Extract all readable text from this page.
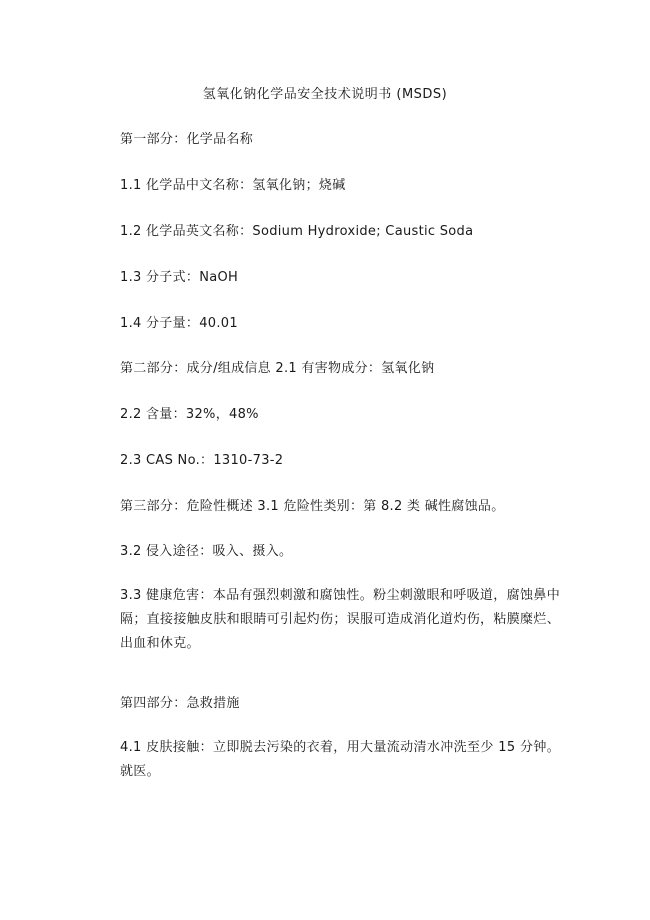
氢氧化钠化学品安全技术说明书 (MSDS)
第一部分：化学品名称
1.1 化学品中文名称：氢氧化钠；烧碱
1.2 化学品英文名称：Sodium Hydroxide; Caustic Soda
1.3 分子式：NaOH
1.4 分子量：40.01
第二部分：成分/组成信息 2.1 有害物成分：氢氧化钠
2.2 含量：32%，48%
2.3 CAS No.：1310-73-2
第三部分：危险性概述 3.1 危险性类别：第 8.2 类 碱性腐蚀品。
3.2 侵入途径：吸入、摄入。
3.3 健康危害：本品有强烈刺激和腐蚀性。粉尘刺激眼和呼吸道，腐蚀鼻中隔；直接接触皮肤和眼睛可引起灼伤；误服可造成消化道灼伤，粘膜糜烂、出血和休克。
第四部分：急救措施
4.1 皮肤接触：立即脱去污染的衣着，用大量流动清水冲洗至少 15 分钟。就医。
